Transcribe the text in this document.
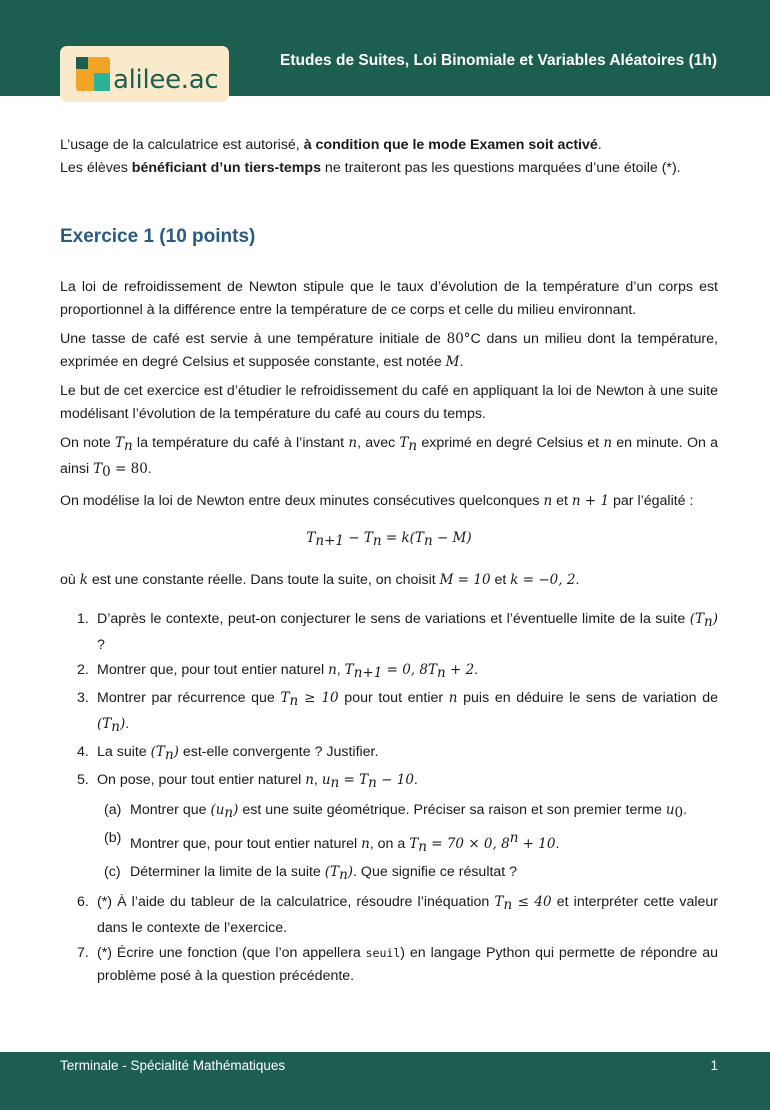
Etudes de Suites, Loi Binomiale et Variables Aléatoires (1h)
alilee.ac

L’usage de la calculatrice est autorisé, à condition que le mode Examen soit activé.

Les élèves bénéficiant d’un tiers-temps ne traiteront pas les questions marquées d’une étoile (*).

Exercice 1 (10 points)

La loi de refroidissement de Newton stipule que le taux d’évolution de la température d’un corps est proportionnel à la différence entre la température de ce corps et celle du milieu environnant.

Une tasse de café est servie à une température initiale de 80°C dans un milieu dont la température, exprimée en degré Celsius et supposée constante, est notée M.

Le but de cet exercice est d’étudier le refroidissement du café en appliquant la loi de Newton à une suite modélisant l’évolution de la température du café au cours du temps.

On note $T_n$ la température du café à l’instant n, avec $T_n$ exprimé en degré Celsius et n en minute. On a ainsi $T_0 = 80$.

On modélise la loi de Newton entre deux minutes consécutives quelconques n et n + 1 par l’égalité :

$T_{n+1} - T_n = k(T_n - M)$

où k est une constante réelle. Dans toute la suite, on choisit M = 10 et k = −0, 2.

1. D’après le contexte, peut-on conjecturer le sens de variations et l’éventuelle limite de la suite $(T_n)$ ?
2. Montrer que, pour tout entier naturel n, $T_{n+1} = 0$, $8T_n + 2$.
3. Montrer par récurrence que $T_n \ge 10$ pour tout entier n puis en déduire le sens de variation de $(T_n)$.
4. La suite $(T_n)$ est-elle convergente ? Justifier.
5. On pose, pour tout entier naturel n, $u_n = T_n - 10$.
(a) Montrer que $(u_n)$ est une suite géométrique. Préciser sa raison et son premier terme $u_0$.
(b) Montrer que, pour tout entier naturel n, on a $T_n = 70 \times 0$, $8^n + 10$.
(c) Déterminer la limite de la suite $(T_n)$. Que signifie ce résultat ?
6. (*) À l’aide du tableur de la calculatrice, résoudre l’inéquation $T_n \le 40$ et interpréter cette valeur dans le contexte de l’exercice.
7. (*) Écrire une fonction (que l’on appellera seuil) en langage Python qui permette de répondre au problème posé à la question précédente.
Terminale - Spécialité Mathématiques	1
